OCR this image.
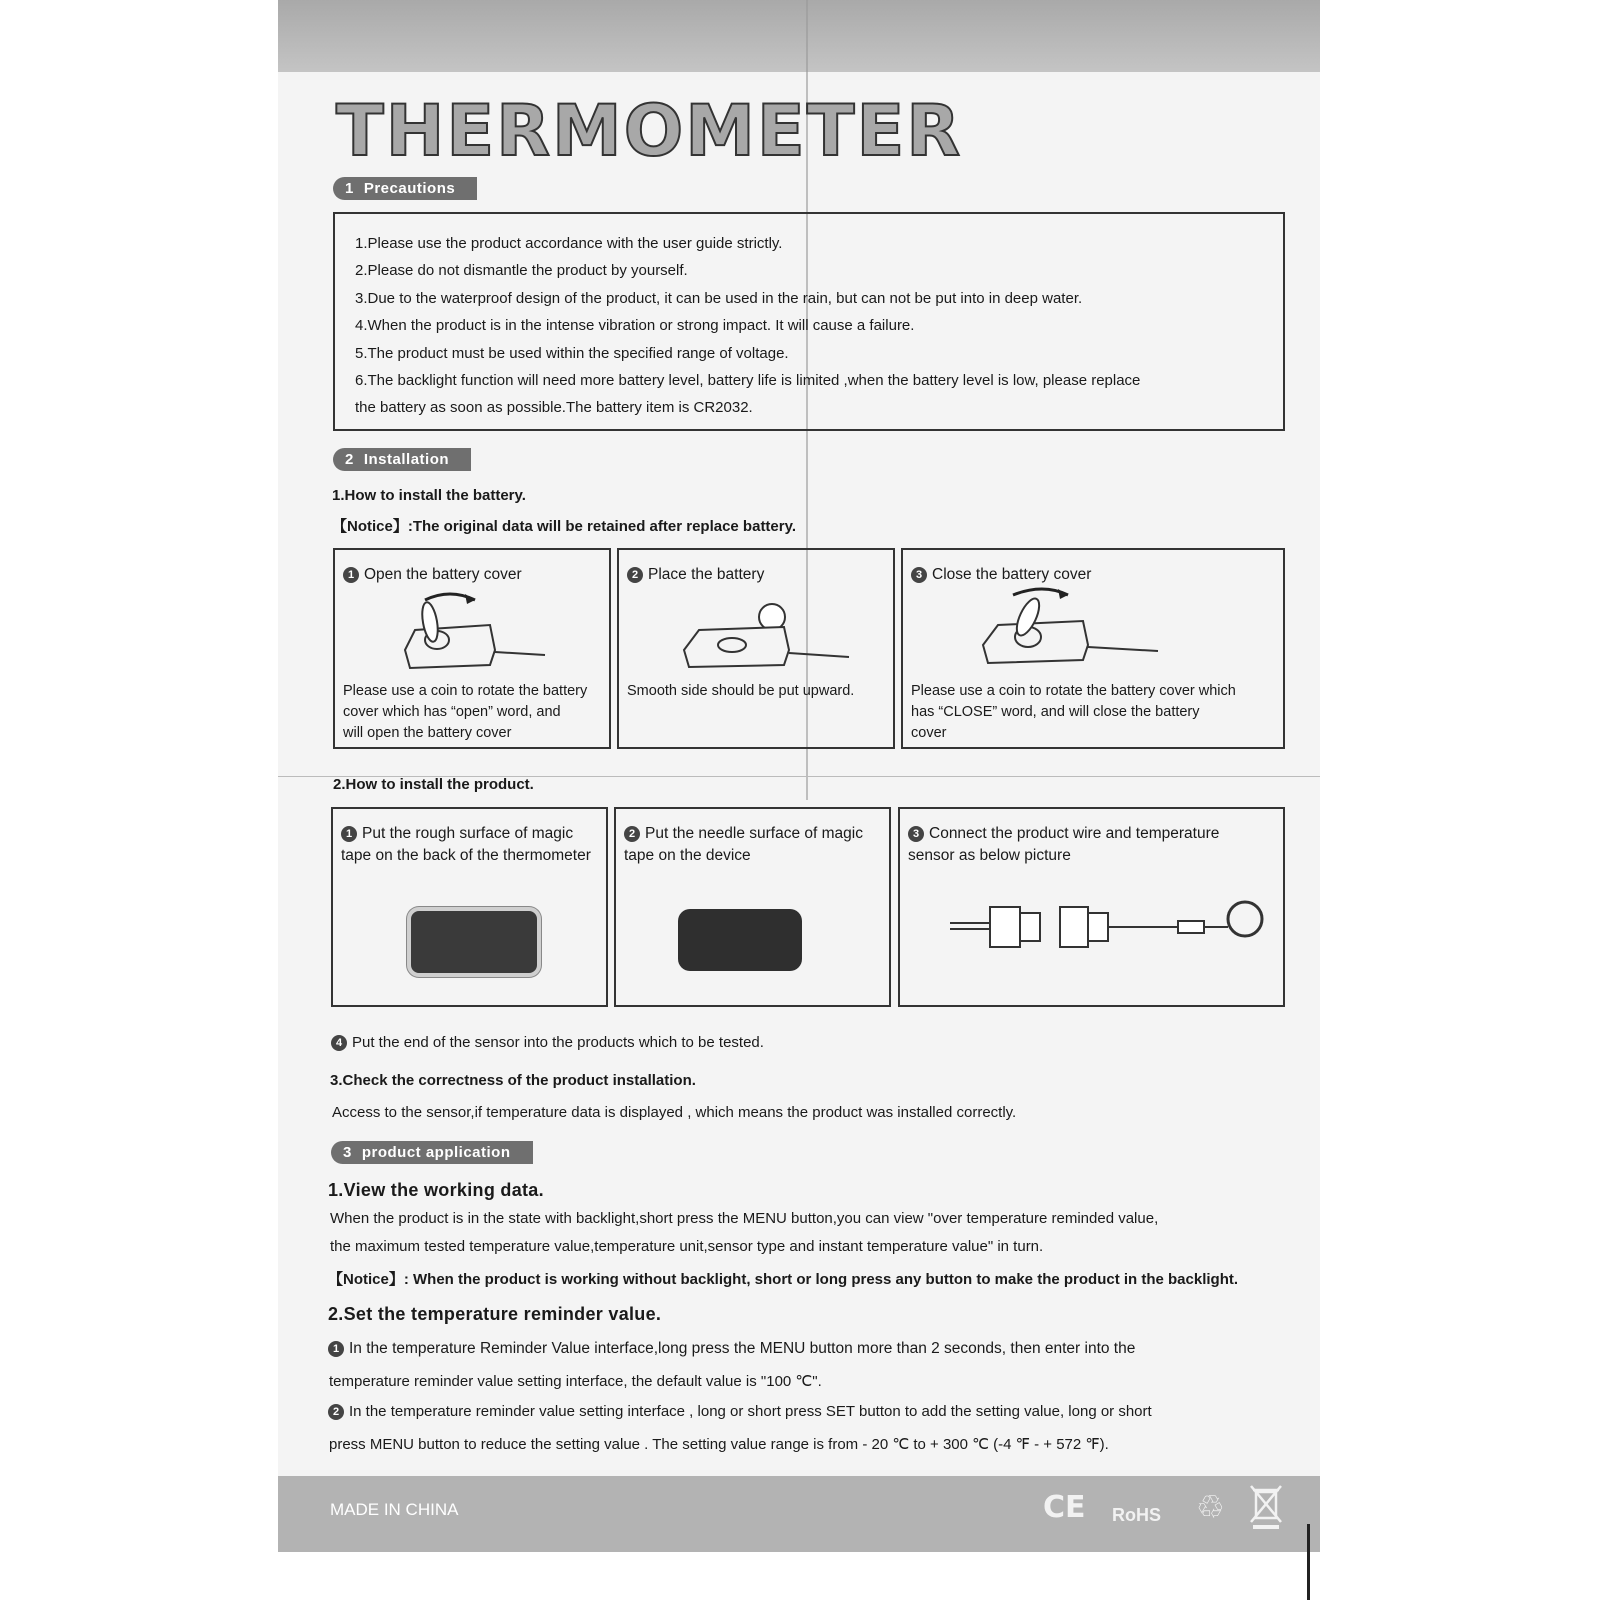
THERMOMETER
1 Precautions
1.Please use the product accordance with the user guide strictly.
2.Please do not dismantle the product by yourself.
3.Due to the waterproof design of the product, it can be used in the rain, but can not be put into in deep water.
4.When the product is in the intense vibration or strong impact. It will cause a failure.
5.The product must be used within the specified range of voltage.
6.The backlight function will need more battery level, battery life is limited ,when the battery level is low, please replace
the battery as soon as possible.The battery item is CR2032.
2 Installation
1.How to install the battery.
【Notice】:The original data will be retained after replace battery.
1 Open the battery cover
Please use a coin to rotate the battery
cover which has “open” word, and
will open the battery cover
2 Place the battery
Smooth side should be put upward.
3 Close the battery cover
Please use a coin to rotate the battery cover which
has “CLOSE” word, and will close the battery
cover
2.How to install the product.
1 Put the rough surface of magic
tape on the back of the thermometer
2 Put the needle surface of magic
tape on the device
3 Connect the product wire and temperature
sensor as below picture
4 Put the end of the sensor into the products which to be tested.
3.Check the correctness of the product installation.
Access to the sensor,if temperature data is displayed , which means the product was installed correctly.
3 product application
1.View the working data.
When the product is in the state with backlight,short press the MENU button,you can view "over temperature reminded value,
the maximum tested temperature value,temperature unit,sensor type and instant temperature value" in turn.
【Notice】: When the product is working without backlight, short or long press any button to make the product in the backlight.
2.Set the temperature reminder value.
1 In the temperature Reminder Value interface,long press the MENU button more than 2 seconds, then enter into the
temperature reminder value setting interface, the default value is "100 ℃".
2 In the temperature reminder value setting interface , long or short press SET button to add the setting value, long or short
press MENU button to reduce the setting value . The setting value range is from - 20 ℃ to + 300 ℃ (-4 ℉ - + 572 ℉).
MADE IN CHINA	CE RoHS ♲
